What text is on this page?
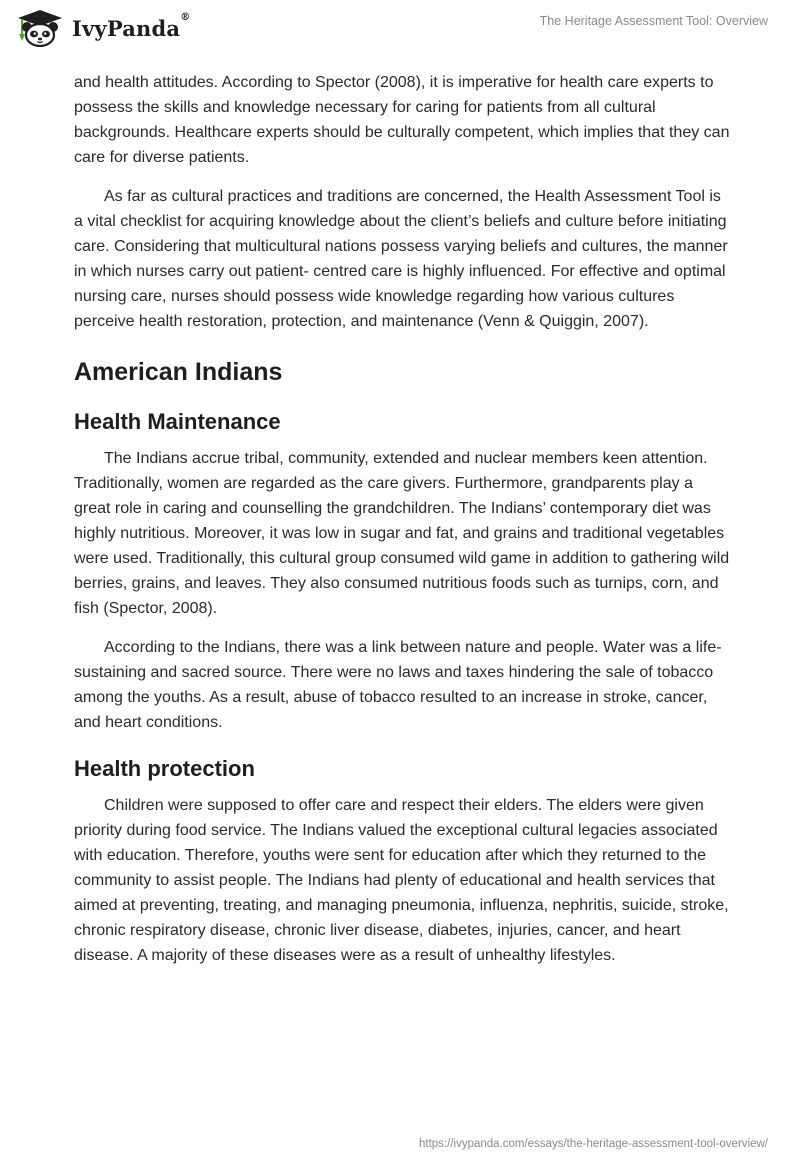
IvyPanda®	The Heritage Assessment Tool: Overview

and health attitudes. According to Spector (2008), it is imperative for health care experts to possess the skills and knowledge necessary for caring for patients from all cultural backgrounds. Healthcare experts should be culturally competent, which implies that they can care for diverse patients.

As far as cultural practices and traditions are concerned, the Health Assessment Tool is a vital checklist for acquiring knowledge about the client’s beliefs and culture before initiating care. Considering that multicultural nations possess varying beliefs and cultures, the manner in which nurses carry out patient- centred care is highly influenced. For effective and optimal nursing care, nurses should possess wide knowledge regarding how various cultures perceive health restoration, protection, and maintenance (Venn & Quiggin, 2007).

American Indians
Health Maintenance

The Indians accrue tribal, community, extended and nuclear members keen attention. Traditionally, women are regarded as the care givers. Furthermore, grandparents play a great role in caring and counselling the grandchildren. The Indians’ contemporary diet was highly nutritious. Moreover, it was low in sugar and fat, and grains and traditional vegetables were used. Traditionally, this cultural group consumed wild game in addition to gathering wild berries, grains, and leaves. They also consumed nutritious foods such as turnips, corn, and fish (Spector, 2008).

According to the Indians, there was a link between nature and people. Water was a life- sustaining and sacred source. There were no laws and taxes hindering the sale of tobacco among the youths. As a result, abuse of tobacco resulted to an increase in stroke, cancer, and heart conditions.

Health protection

Children were supposed to offer care and respect their elders. The elders were given priority during food service. The Indians valued the exceptional cultural legacies associated with education. Therefore, youths were sent for education after which they returned to the community to assist people. The Indians had plenty of educational and health services that aimed at preventing, treating, and managing pneumonia, influenza, nephritis, suicide, stroke, chronic respiratory disease, chronic liver disease, diabetes, injuries, cancer, and heart disease. A majority of these diseases were as a result of unhealthy lifestyles.

https://ivypanda.com/essays/the-heritage-assessment-tool-overview/
